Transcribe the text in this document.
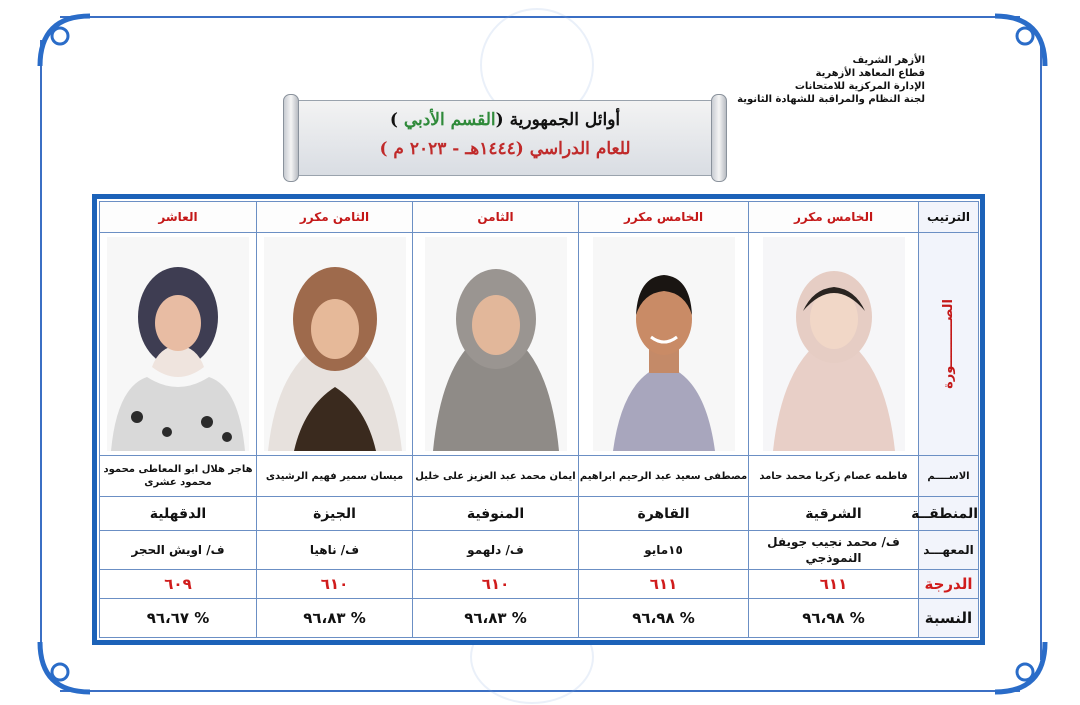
الأزهر الشريف
قطاع المعاهد الأزهرية
الإدارة المركزية للامتحانات
لجنة النظام والمراقبة للشهادة الثانوية
أوائل الجمهورية (القسم الأدبي )
للعام الدراسي (١٤٤٤هـ - ٢٠٢٣ م )
الترتيب	الخامس مكرر	الخامس مكرر	الثامن	الثامن مكرر	العاشر

الصــــــــــورة

الاســــم	فاطمه عصام زكريا محمد حامد	مصطفى سعيد عبد الرحيم ابراهيم	ايمان محمد عبد العزيز على خليل	ميسان سمير فهيم الرشيدى	هاجر هلال ابو المعاطى محمود محمود عشرى
المنطقــة	الشرقية	القاهرة	المنوفية	الجيزة	الدقهلية
المعهـــد	ف/ محمد نجيب جويفل النموذجي	١٥مايو	ف/ دلهمو	ف/ ناهيا	ف/ اويش الحجر
الدرجة	٦١١	٦١١	٦١٠	٦١٠	٦٠٩
النسبة	% ٩٦،٩٨	% ٩٦،٩٨	% ٩٦،٨٣	% ٩٦،٨٣	% ٩٦،٦٧
